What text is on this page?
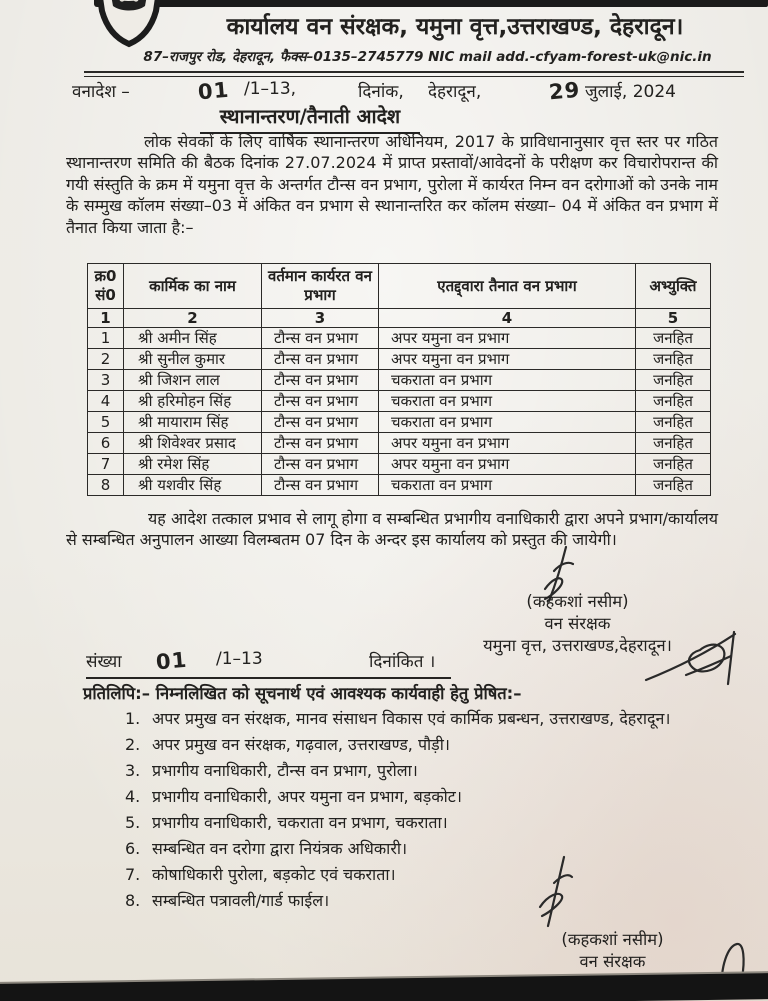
कार्यालय वन संरक्षक, यमुना वृत्त,उत्तराखण्ड, देहरादून।
87–राजपुर रोड, देहरादून, फैक्स–0135–2745779 NIC mail add.-cfyam-forest-uk@nic.in
वनादेश –	01 /1–13,	दिनांक, देहरादून,	29 जुलाई, 2024
स्थानान्तरण/तैनाती आदेश

लोक सेवकों के लिए वार्षिक स्थानान्तरण अधिनियम, 2017 के प्राविधानानुसार वृत्त स्तर पर गठित स्थानान्तरण समिति की बैठक दिनांक 27.07.2024 में प्राप्त प्रस्तावों/आवेदनों के परीक्षण कर विचारोपरान्त की गयी संस्तुति के क्रम में यमुना वृत्त के अन्तर्गत टौन्स वन प्रभाग, पुरोला में कार्यरत निम्न वन दरोगाओं को उनके नाम के सम्मुख कॉलम संख्या–03 में अंकित वन प्रभाग से स्थानान्तरित कर कॉलम संख्या– 04 में अंकित वन प्रभाग में तैनात किया जाता है:–

क्र0 सं0	कार्मिक का नाम	वर्तमान कार्यरत वन प्रभाग	एतद्द्वारा तैनात वन प्रभाग	अभ्युक्ति
1	2	3	4	5
1	श्री अमीन सिंह	टौन्स वन प्रभाग	अपर यमुना वन प्रभाग	जनहित
2	श्री सुनील कुमार	टौन्स वन प्रभाग	अपर यमुना वन प्रभाग	जनहित
3	श्री जिशन लाल	टौन्स वन प्रभाग	चकराता वन प्रभाग	जनहित
4	श्री हरिमोहन सिंह	टौन्स वन प्रभाग	चकराता वन प्रभाग	जनहित
5	श्री मायाराम सिंह	टौन्स वन प्रभाग	चकराता वन प्रभाग	जनहित
6	श्री शिवेश्वर प्रसाद	टौन्स वन प्रभाग	अपर यमुना वन प्रभाग	जनहित
7	श्री रमेश सिंह	टौन्स वन प्रभाग	अपर यमुना वन प्रभाग	जनहित
8	श्री यशवीर सिंह	टौन्स वन प्रभाग	चकराता वन प्रभाग	जनहित

यह आदेश तत्काल प्रभाव से लागू होगा व सम्बन्धित प्रभागीय वनाधिकारी द्वारा अपने प्रभाग/कार्यालय से सम्बन्धित अनुपालन आख्या विलम्बतम 07 दिन के अन्दर इस कार्यालय को प्रस्तुत की जायेगी।

(कहकशां नसीम)
वन संरक्षक
यमुना वृत्त, उत्तराखण्ड,देहरादून।
संख्या 01 /1–13	दिनांकित ।
प्रतिलिपि:– निम्नलिखित को सूचनार्थ एवं आवश्यक कार्यवाही हेतु प्रेषित:–
1. अपर प्रमुख वन संरक्षक, मानव संसाधन विकास एवं कार्मिक प्रबन्धन, उत्तराखण्ड, देहरादून।
2. अपर प्रमुख वन संरक्षक, गढ़वाल, उत्तराखण्ड, पौड़ी।
3. प्रभागीय वनाधिकारी, टौन्स वन प्रभाग, पुरोला।
4. प्रभागीय वनाधिकारी, अपर यमुना वन प्रभाग, बड़कोट।
5. प्रभागीय वनाधिकारी, चकराता वन प्रभाग, चकराता।
6. सम्बन्धित वन दरोगा द्वारा नियंत्रक अधिकारी।
7. कोषाधिकारी पुरोला, बड़कोट एवं चकराता।
8. सम्बन्धित पत्रावली/गार्ड फाईल।
(कहकशां नसीम)
वन संरक्षक
